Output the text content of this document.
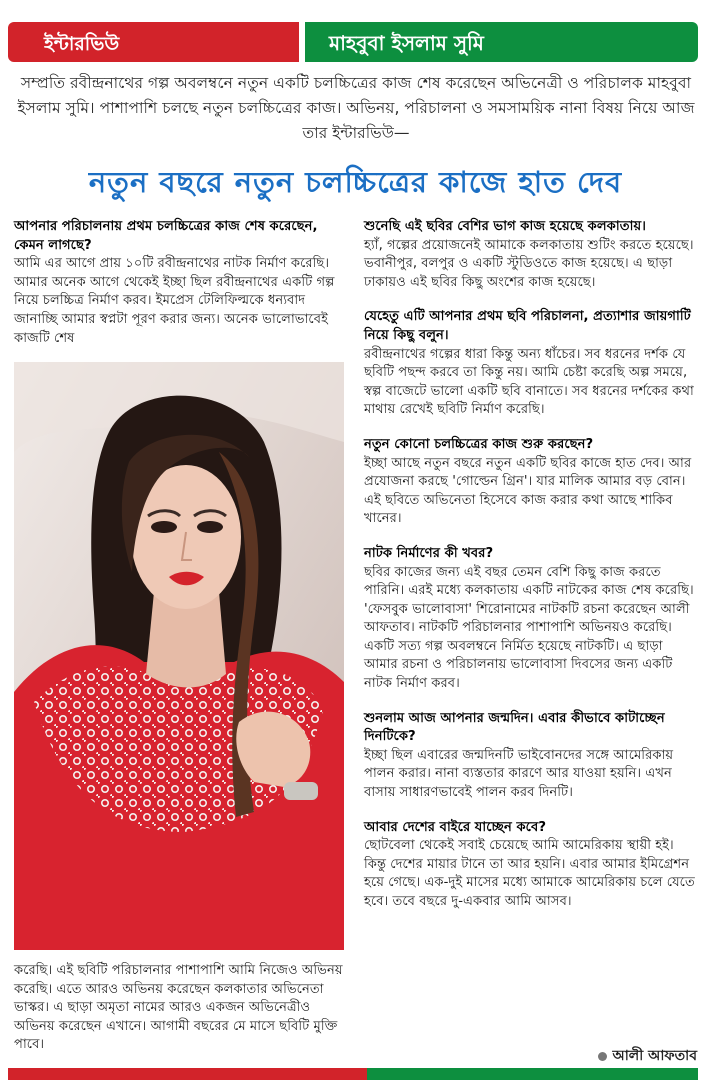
ইন্টারভিউ	মাহবুবা ইসলাম সুমি
সম্প্রতি রবীন্দ্রনাথের গল্প অবলম্বনে নতুন একটি চলচ্চিত্রের কাজ শেষ করেছেন অভিনেত্রী ও পরিচালক মাহবুবা ইসলাম সুমি। পাশাপাশি চলছে নতুন চলচ্চিত্রের কাজ। অভিনয়, পরিচালনা ও সমসাময়িক নানা বিষয় নিয়ে আজ তার ইন্টারভিউ—
নতুন বছরে নতুন চলচ্চিত্রের কাজে হাত দেব

আপনার পরিচালনায় প্রথম চলচ্চিত্রের কাজ শেষ করেছেন, কেমন লাগছে?

আমি এর আগে প্রায় ১০টি রবীন্দ্রনাথের নাটক নির্মাণ করেছি। আমার অনেক আগে থেকেই ইচ্ছা ছিল রবীন্দ্রনাথের একটি গল্প নিয়ে চলচ্চিত্র নির্মাণ করব। ইমপ্রেস টেলিফিল্মকে ধন্যবাদ জানাচ্ছি আমার স্বপ্নটা পূরণ করার জন্য। অনেক ভালোভাবেই কাজটি শেষ

করেছি। এই ছবিটি পরিচালনার পাশাপাশি আমি নিজেও অভিনয় করেছি। এতে আরও অভিনয় করেছেন কলকাতার অভিনেতা ভাস্কর। এ ছাড়া অমৃতা নামের আরও একজন অভিনেত্রীও অভিনয় করেছেন এখানে। আগামী বছরের মে মাসে ছবিটি মুক্তি পাবে।

শুনেছি এই ছবির বেশির ভাগ কাজ হয়েছে কলকাতায়।

হ্যাঁ, গল্পের প্রয়োজনেই আমাকে কলকাতায় শুটিং করতে হয়েছে। ভবানীপুর, বলপুর ও একটি স্টুডিওতে কাজ হয়েছে। এ ছাড়া ঢাকায়ও এই ছবির কিছু অংশের কাজ হয়েছে।

যেহেতু এটি আপনার প্রথম ছবি পরিচালনা, প্রত্যাশার জায়গাটি নিয়ে কিছু বলুন।

রবীন্দ্রনাথের গল্পের ধারা কিন্তু অন্য ধাঁচের। সব ধরনের দর্শক যে ছবিটি পছন্দ করবে তা কিন্তু নয়। আমি চেষ্টা করেছি অল্প সময়ে, স্বল্প বাজেটে ভালো একটি ছবি বানাতে। সব ধরনের দর্শকের কথা মাথায় রেখেই ছবিটি নির্মাণ করেছি।

নতুন কোনো চলচ্চিত্রের কাজ শুরু করছেন?

ইচ্ছা আছে নতুন বছরে নতুন একটি ছবির কাজে হাত দেব। আর প্রযোজনা করছে 'গোল্ডেন গ্রিন'। যার মালিক আমার বড় বোন। এই ছবিতে অভিনেতা হিসেবে কাজ করার কথা আছে শাকিব খানের।

নাটক নির্মাণের কী খবর?

ছবির কাজের জন্য এই বছর তেমন বেশি কিছু কাজ করতে পারিনি। এরই মধ্যে কলকাতায় একটি নাটকের কাজ শেষ করেছি। 'ফেসবুক ভালোবাসা' শিরোনামের নাটকটি রচনা করেছেন আলী আফতাব। নাটকটি পরিচালনার পাশাপাশি অভিনয়ও করেছি। একটি সত্য গল্প অবলম্বনে নির্মিত হয়েছে নাটকটি। এ ছাড়া আমার রচনা ও পরিচালনায় ভালোবাসা দিবসের জন্য একটি নাটক নির্মাণ করব।

শুনলাম আজ আপনার জন্মদিন। এবার কীভাবে কাটাচ্ছেন দিনটিকে?

ইচ্ছা ছিল এবারের জন্মদিনটি ভাইবোনদের সঙ্গে আমেরিকায় পালন করার। নানা ব্যস্ততার কারণে আর যাওয়া হয়নি। এখন বাসায় সাধারণভাবেই পালন করব দিনটি।

আবার দেশের বাইরে যাচ্ছেন কবে?

ছোটবেলা থেকেই সবাই চেয়েছে আমি আমেরিকায় স্থায়ী হই। কিন্তু দেশের মায়ার টানে তা আর হয়নি। এবার আমার ইমিগ্রেশন হয়ে গেছে। এক-দুই মাসের মধ্যে আমাকে আমেরিকায় চলে যেতে হবে। তবে বছরে দু-একবার আমি আসব।

আলী আফতাব
